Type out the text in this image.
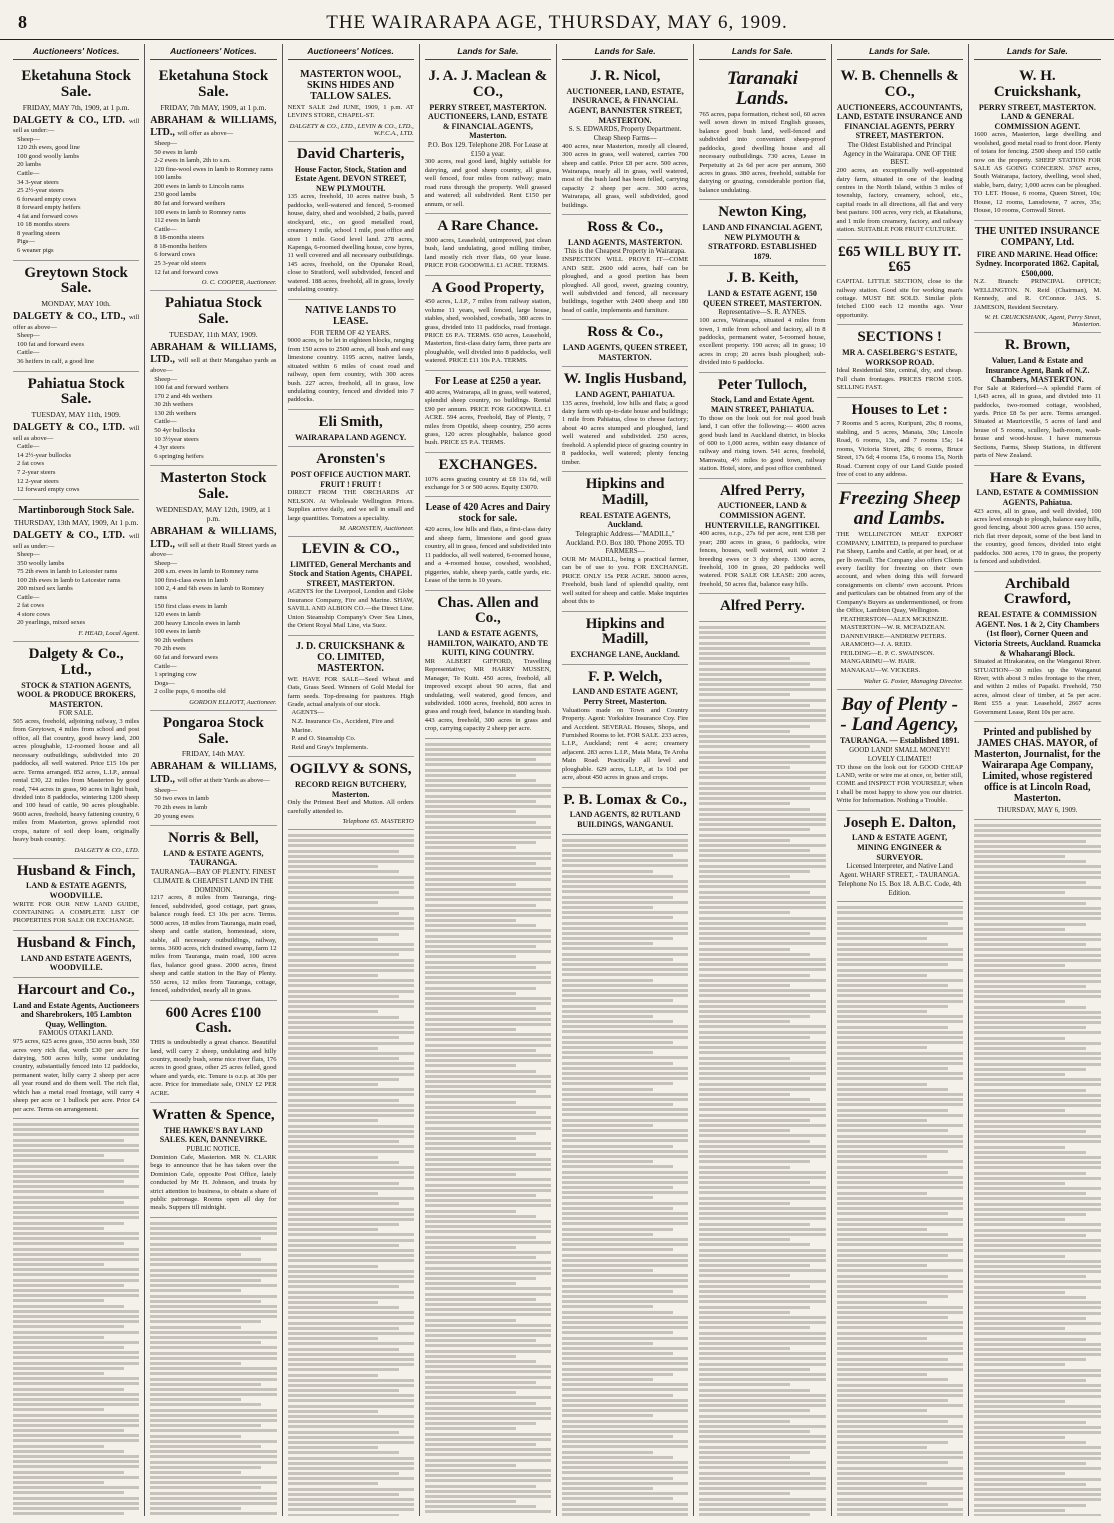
8	THE WAIRARAPA AGE, THURSDAY, MAY 6, 1909.
Auctioneers' Notices.
Eketahuna Stock Sale.
FRIDAY, MAY 7th, 1909, at 1 p.m.
DALGETY & CO., LTD. will sell as under:—
Sheep—
120 2th ewes, good line
100 good woolly lambs
20 lambs
Cattle—
34 3-year steers
25 2½-year steers
6 forward empty cows
8 forward empty heifers
4 fat and forward cows
10 18 months steers
8 yearling steers
Pigs—
6 weaner pigs
Greytown Stock Sale.
MONDAY, MAY 10th.
DALGETY & CO., LTD., will offer as above—
Sheep—
100 fat and forward ewes
Cattle—
36 heifers in calf, a good line
Pahiatua Stock Sale.
TUESDAY, MAY 11th, 1909.
DALGETY & CO., LTD. will sell as above—
Cattle—
14 2½-year bullocks
2 fat cows
7 2-year steers
12 2-year steers
12 forward empty cows
Martinborough Stock Sale.
THURSDAY, 13th MAY, 1909, At 1 p.m.
DALGETY & CO., LTD. will sell as under:—
Sheep—
350 woolly lambs
75 2th ewes in lamb to Leicester rams
100 2th ewes in lamb to Leicester rams
200 mixed sex lambs
Cattle—
2 fat cows
4 store cows
20 yearlings, mixed sexes
F. HEAD, Local Agent.
Dalgety & Co., Ltd.,
STOCK & STATION AGENTS, WOOL & PRODUCE BROKERS, MASTERTON.
FOR SALE.
505 acres, freehold, adjoining railway, 3 miles from Greytown, 4 miles from school and post office, all flat country, good heavy land, 200 acres ploughable, 12-roomed house and all necessary outbuildings, subdivided into 20 paddocks, all well watered. Price £15 10s per acre. Terms arranged. 852 acres, L.I.P., annual rental £30, 22 miles from Masterton by good road, 744 acres in grass, 90 acres in light bush, divided into 8 paddocks, wintering 1200 sheep and 100 head of cattle, 90 acres ploughable. 9600 acres, freehold, heavy fattening country, 6 miles from Masterton, grows splendid root crops, nature of soil deep loam, originally heavy bush country.
DALGETY & CO., LTD.
Husband & Finch,
LAND & ESTATE AGENTS, WOODVILLE.
WRITE FOR OUR NEW LAND GUIDE, CONTAINING A COMPLETE LIST OF PROPERTIES FOR SALE OR EXCHANGE.
Husband & Finch,
LAND AND ESTATE AGENTS, WOODVILLE.
Harcourt and Co.,
Land and Estate Agents, Auctioneers and Sharebrokers, 105 Lambton Quay, Wellington.
FAMOUS OTAKI LAND.
975 acres, 625 acres grass, 350 acres bush, 350 acres very rich flat, worth £30 per acre for dairying, 500 acres hilly, some undulating country, substantially fenced into 12 paddocks, permanent water, hilly carry 2 sheep per acre all year round and do them well. The rich flat, which has a metal road frontage, will carry 4 sheep per acre or 1 bullock per acre. Price £4 per acre. Terms on arrangement.
Auctioneers' Notices.
Eketahuna Stock Sale.
FRIDAY, 7th MAY, 1909, at 1 p.m.
ABRAHAM & WILLIAMS, LTD., will offer as above—
Sheep—
50 ewes in lamb
2-2 ewes in lamb, 2th to s.m.
120 fine-wool ewes in lamb to Romney rams
100 lambs
200 ewes in lamb to Lincoln rams
230 good lambs
80 fat and forward wethers
100 ewes in lamb to Romney rams
112 ewes in lamb
Cattle—
8 18-months steers
8 18-months heifers
6 forward cows
25 3-year old steers
12 fat and forward cows
O. C. COOPER, Auctioneer.
Pahiatua Stock Sale.
TUESDAY, 11th MAY, 1909.
ABRAHAM & WILLIAMS, LTD., will sell at their Mangahao yards as above—
Sheep—
100 fat and forward wethers
170 2 and 4th wethers
30 2th wethers
130 2th wethers
Cattle—
50 4yr bullocks
10 3½year steers
4 3yr steers
6 springing heifers
Masterton Stock Sale.
WEDNESDAY, MAY 12th, 1909, at 1 p.m.
ABRAHAM & WILLIAMS, LTD., will sell at their Ruall Street yards as above—
Sheep—
208 s.m. ewes in lamb to Romney rams
100 first-class ewes in lamb
100 2, 4 and 6th ewes in lamb to Romney rams
150 first class ewes in lamb
120 ewes in lamb
200 heavy Lincoln ewes in lamb
100 ewes in lamb
90 2th wethers
70 2th ewes
60 fat and forward ewes
Cattle—
1 springing cow
Dogs—
2 collie pups, 6 months old
GORDON ELLIOTT, Auctioneer.
Pongaroa Stock Sale.
FRIDAY, 14th MAY.
ABRAHAM & WILLIAMS, LTD., will offer at their Yards as above—
Sheep—
50 two ewes in lamb
70 2th ewes in lamb
20 young ewes
Norris & Bell,
LAND & ESTATE AGENTS, TAURANGA.
TAURANGA—BAY OF PLENTY. FINEST CLIMATE & CHEAPEST LAND IN THE DOMINION.
1217 acres, 8 miles from Tauranga, ring-fenced, subdivided, good cottage, part grass, balance rough feed. £3 10s per acre. Terms. 5000 acres, 18 miles from Tauranga, main road, sheep and cattle station, homestead, store, stable, all necessary outbuildings, railway, terms. 3600 acres, rich drained swamp, farm 12 miles from Tauranga, main road, 100 acres flax, balance good grass. 2000 acres, finest sheep and cattle station in the Bay of Plenty. 550 acres, 12 miles from Tauranga, cottage, fenced, subdivided, nearly all in grass.
600 Acres £100 Cash.
THIS is undoubtedly a great chance. Beautiful land, will carry 2 sheep, undulating and hilly country, mostly bush, some nice river flats, 176 acres in good grass, other 25 acres felled, good whare and yards, etc. Tenure is o.r.p. at 30s per acre. Price for immediate sale, ONLY £2 PER ACRE.
Wratten & Spence,
THE HAWKE'S BAY LAND SALES. KEN, DANNEVIRKE.
PUBLIC NOTICE.
Dominion Cafe, Masterton. MR N. CLARK begs to announce that he has taken over the Dominion Cafe, opposite Post Office, lately conducted by Mr H. Johnson, and trusts by strict attention to business, to obtain a share of public patronage. Rooms open all day for meals. Suppers till midnight.
Auctioneers' Notices.
MASTERTON WOOL, SKINS HIDES AND TALLOW SALES.
NEXT SALE 2nd JUNE, 1909, 1 p.m. AT LEVIN'S STORE, CHAPEL-ST.
DALGETY & CO., LTD., LEVIN & CO., LTD., W.F.C.A., LTD.
David Charteris,
House Factor, Stock, Station and Estate Agent. DEVON STREET, NEW PLYMOUTH.
135 acres, freehold, 10 acres native bush, 5 paddocks, well-watered and fenced, 5-roomed house, dairy, shed and woolshed, 2 bails, paved stockyard, etc., on good metalled road, creamery 1 mile, school 1 mile, post office and store 1 mile. Good level land. 278 acres, Kapenga, 6-roomed dwelling house, cow byres, 11 well covered and all necessary outbuildings. 145 acres, freehold, on the Opunake Road, close to Stratford, well subdivided, fenced and watered. 188 acres, freehold, all in grass, lovely undulating country.
NATIVE LANDS TO LEASE.
FOR TERM OF 42 YEARS.
9000 acres, to be let in eighteen blocks, ranging from 150 acres to 2500 acres, all bush and easy limestone country. 1195 acres, native lands, situated within 6 miles of coast road and railway, open fern country, with 300 acres bush. 227 acres, freehold, all in grass, low undulating country, fenced and divided into 7 paddocks.
Eli Smith,
WAIRARAPA LAND AGENCY.
Aronsten's
POST OFFICE AUCTION MART. FRUIT ! FRUIT !
DIRECT FROM THE ORCHARDS AT NELSON. At Wholesale Wellington Prices. Supplies arrive daily, and we sell in small and large quantities. Tomatoes a speciality.
M. ARONSTEN, Auctioneer.
LEVIN & CO.,
LIMITED, General Merchants and Stock and Station Agents, CHAPEL STREET, MASTERTON.
AGENTS for the Liverpool, London and Globe Insurance Company, Fire and Marine. SHAW, SAVILL AND ALBION CO.—the Direct Line. Union Steamship Company's Over Sea Lines, the Orient Royal Mail Line, via Suez.
J. D. CRUICKSHANK & CO. LIMITED, MASTERTON.
WE HAVE FOR SALE—Seed Wheat and Oats, Grass Seed. Winners of Gold Medal for farm seeds. Top-dressing for pastures. High Grade, actual analysis of our stock.
AGENTS—
N.Z. Insurance Co., Accident, Fire and Marine.
P. and O. Steamship Co.
Reid and Gray's Implements.
OGILVY & SONS,
RECORD REIGN BUTCHERY, Masterton.
Only the Primest Beef and Mutton. All orders carefully attended to.
Telephone 65. MASTERTO
Lands for Sale.
J. A. J. Maclean & CO.,
PERRY STREET, MASTERTON. AUCTIONEERS, LAND, ESTATE & FINANCIAL AGENTS, Masterton.
P.O. Box 129. Telephone 208. For Lease at £150 a year.
300 acres, real good land, highly suitable for dairying, and good sheep country, all grass, well fenced, four miles from railway; main road runs through the property. Well grassed and watered; all subdivided. Rent £150 per annum, or sell.
A Rare Chance.
3000 acres, Leasehold, unimproved, just clean bush, land undulating, good milling timber, land mostly rich river flats, 60 year lease. PRICE FOR GOODWILL £1 ACRE. TERMS.
A Good Property,
450 acres, L.I.P., 7 miles from railway station, volume 11 years, well fenced, large house, stables, shed, woolshed, cowbails, 380 acres in grass, divided into 11 paddocks, road frontage. PRICE £6 P.A. TERMS. 650 acres, Leasehold, Masterton, first-class dairy farm, three parts are ploughable, well divided into 8 paddocks, well watered. PRICE £11 10s P.A. TERMS.
For Lease at £250 a year.
400 acres, Wairarapa, all in grass, well watered, splendid sheep country, no buildings. Rental £90 per annum. PRICE FOR GOODWILL £1 ACRE. 594 acres, Freehold, Bay of Plenty, 7 miles from Opotiki, sheep country, 250 acres grass, 120 acres ploughable, balance good bush. PRICE £5 P.A. TERMS.
EXCHANGES.
1076 acres grazing country at £8 11s 6d, will exchange for 3 or 500 acres. Equity £3070.
Lease of 420 Acres and Dairy stock for sale.
420 acres, low hills and flats, a first-class dairy and sheep farm, limestone and good grass country, all in grass, fenced and subdivided into 11 paddocks, all well watered, 6-roomed house, and a 4-roomed house, cowshed, woolshed, piggeries, stable, sheep yards, cattle yards, etc. Lease of the term is 10 years.
Chas. Allen and Co.,
LAND & ESTATE AGENTS, HAMILTON, WAIKATO, AND TE KUITI, KING COUNTRY.
MR ALBERT GIFFORD, Travelling Representative; MR HARRY MUSSEN, Manager, Te Kuiti. 450 acres, freehold, all improved except about 90 acres, flat and undulating, well watered, good fences, and subdivided. 1000 acres, freehold, 800 acres in grass and rough feed, balance in standing bush. 443 acres, freehold, 300 acres in grass and crop, carrying capacity 2 sheep per acre.
Lands for Sale.
J. R. Nicol,
AUCTIONEER, LAND, ESTATE, INSURANCE, & FINANCIAL AGENT, BANNISTER STREET, MASTERTON.
S. S. EDWARDS, Property Department. Cheap Sheep Farms—
400 acres, near Masterton, mostly all cleared, 300 acres in grass, well watered, carries 700 sheep and cattle. Price £8 per acre. 500 acres, Wairarapa, nearly all in grass, well watered, most of the bush land has been felled, carrying capacity 2 sheep per acre. 300 acres, Wairarapa, all grass, well subdivided, good buildings.
Ross & Co.,
LAND AGENTS, MASTERTON.
This is the Cheapest Property in Wairarapa.
INSPECTION WILL PROVE IT—COME AND SEE. 2600 odd acres, half can be ploughed, and a good portion has been ploughed. All good, sweet, grazing country, well subdivided and fenced, all necessary buildings, together with 2400 sheep and 180 head of cattle, implements and furniture.
Ross & Co.,
LAND AGENTS, QUEEN STREET, MASTERTON.
W. Inglis Husband,
LAND AGENT, PAHIATUA.
135 acres, freehold, low hills and flats; a good dairy farm with up-to-date house and buildings; 1 mile from Pahiatua, close to cheese factory; about 40 acres stumped and ploughed, land well watered and subdivided. 250 acres, freehold. A splendid piece of grazing country in 8 paddocks, well watered; plenty fencing timber.
Hipkins and Madill,
REAL ESTATE AGENTS, Auckland.
Telegraphic Address—"MADILL," Auckland. P.O. Box 180. 'Phone 2095. TO FARMERS—
OUR Mr MADILL, being a practical farmer, can be of use to you. FOR EXCHANGE. PRICE ONLY 15s PER ACRE. 38000 acres, Freehold, bush land of splendid quality, rent well suited for sheep and cattle. Make inquiries about this to
Hipkins and Madill,
EXCHANGE LANE, Auckland.
F. P. Welch,
LAND AND ESTATE AGENT, Perry Street, Masterton.
Valuations made on Town and Country Property. Agent: Yorkshire Insurance Coy. Fire and Accident. SEVERAL Houses, Shops, and Furnished Rooms to let. FOR SALE. 233 acres, L.I.P., Auckland; rent 4 acre; creamery adjacent. 283 acres L.I.P., Mata Mata, Te Aroha Main Road. Practically all level and ploughable. 629 acres, L.I.P., at 1s 10d per acre, about 450 acres in grass and crops.
P. B. Lomax & Co.,
LAND AGENTS, 82 RUTLAND BUILDINGS, WANGANUI.
Lands for Sale.
Taranaki Lands.
765 acres, papa formation, richest soil, 60 acres well sown down in mixed English grasses, balance good bush land, well-fenced and subdivided into convenient sheep-proof paddocks, good dwelling house and all necessary outbuildings. 730 acres, Lease in Perpetuity at 2s 6d per acre per annum, 360 acres in grass. 380 acres, freehold, suitable for dairying or grazing, considerable portion flat, balance undulating.
Newton King,
LAND AND FINANCIAL AGENT, NEW PLYMOUTH & STRATFORD. ESTABLISHED 1879.
J. B. Keith,
LAND & ESTATE AGENT, 150 QUEEN STREET, MASTERTON.
Representative—S. R. AYNES.
100 acres, Wairarapa, situated 4 miles from town, 1 mile from school and factory, all in 8 paddocks, permanent water, 5-roomed house, excellent property. 190 acres; all in grass; 10 acres in crop; 20 acres bush ploughed; sub-divided into 6 paddocks.
Peter Tulloch,
Stock, Land and Estate Agent. MAIN STREET, PAHIATUA.
To those on the look out for real good bush land, I can offer the following:— 4600 acres good bush land in Auckland district, in blocks of 600 to 1,000 acres, within easy distance of railway and rising town. 541 acres, freehold, Mamwatu, 4½ miles to good town, railway station. Hotel, store, and post office combined.
Alfred Perry,
AUCTIONEER, LAND & COMMISSION AGENT. HUNTERVILLE, RANGITIKEI.
400 acres, o.r.p., 27s 6d per acre, rent £38 per year; 280 acres in grass, 6 paddocks, wire fences, houses, well watered, suit winter 2 breeding ewes or 3 dry sheep. 1300 acres, freehold, 100 in grass, 20 paddocks well watered. FOR SALE OR LEASE: 200 acres, freehold, 50 acres flat, balance easy hills.
Alfred Perry.
Lands for Sale.
W. B. Chennells & CO.,
AUCTIONEERS, ACCOUNTANTS, LAND, ESTATE INSURANCE AND FINANCIAL AGENTS, PERRY STREET, MASTERTON.
The Oldest Established and Principal Agency in the Wairarapa. ONE OF THE BEST.
200 acres, an exceptionally well-appointed dairy farm, situated in one of the leading centres in the North Island, within 3 miles of township, factory, creamery, school, etc., capital roads in all directions, all flat and very best pasture. 100 acres, very rich, at Ekatahuna, and 1 mile from creamery, factory, and railway station. SUITABLE FOR FRUIT CULTURE.
£65 WILL BUY IT. £65
CAPITAL LITTLE SECTION, close to the railway station. Good site for working man's cottage. MUST BE SOLD. Similar plots fetched £100 each 12 months ago. Your opportunity.
SECTIONS !
MR A. CASELBERG'S ESTATE, WORKSOP ROAD.
Ideal Residential Site, central, dry, and cheap. Full chain frontages. PRICES FROM £105. SELLING FAST.
Houses to Let :
7 Rooms and 5 acres, Kuripuni, 20s; 8 rooms, stabling, and 5 acres, Manaia, 30s; Lincoln Road, 6 rooms, 13s, and 7 rooms 15s; 14 rooms, Victoria Street, 28s; 6 rooms, Bruce Street, 17s 6d; 4 rooms 15s, 6 rooms 15s, North Road. Current copy of our Land Guide posted free of cost to any address.
Freezing Sheep and Lambs.
THE WELLINGTON MEAT EXPORT COMPANY, LIMITED, is prepared to purchase Fat Sheep, Lambs and Cattle, at per head, or at per lb overall. The Company also offers Clients every facility for freezing on their own account, and when doing this will forward consignments on clients' own account. Prices and particulars can be obtained from any of the Company's Buyers as undermentioned, or from the Office, Lambton Quay, Wellington.
FEATHERSTON—ALEX MCKENZIE.
MASTERTON—W. R. MCFADZEAN.
DANNEVIRKE—ANDREW PETERS.
ARAMOHO—J. A. REID.
FEILDING—E. P. C. SWAINSON.
MANGARIMU—W. HAIR.
MANAKAU—W. VICKERS.
Walter G. Foster, Managing Director.
Bay of Plenty - - Land Agency,
TAURANGA. — Established 1891.
GOOD LAND! SMALL MONEY!! LOVELY CLIMATE!!
TO those on the look out for GOOD CHEAP LAND, write or wire me at once, or, better still, COME and INSPECT FOR YOURSELF, when I shall be most happy to show you our district. Write for Information. Nothing a Trouble.
Joseph E. Dalton,
LAND & ESTATE AGENT, MINING ENGINEER & SURVEYOR.
Licensed Interpreter, and Native Land Agent. WHARF STREET, - TAURANGA. Telephone No 15. Box 18. A.B.C. Code, 4th Edition.
Lands for Sale.
W. H. Cruickshank,
PERRY STREET, MASTERTON. LAND & GENERAL COMMISSION AGENT.
1600 acres, Masterton, large dwelling and woolshed, good metal road to front door. Plenty of totara for fencing. 2500 sheep and 150 cattle now on the property. SHEEP STATION FOR SALE AS GOING CONCERN. 3767 acres, South Wairarapa, factory, dwelling, wool shed, stable, barn, dairy; 1,000 acres can be ploughed. TO LET. House, 6 rooms, Queen Street, 10s; House, 12 rooms, Lansdowne, 7 acres, 35s; House, 10 rooms, Cornwall Street.
THE UNITED INSURANCE COMPANY, Ltd.
FIRE AND MARINE. Head Office: Sydney. Incorporated 1862. Capital, £500,000.
N.Z. Branch: PRINCIPAL OFFICE; WELLINGTON. N. Reid (Chairman), M. Kennedy, and R. O'Connor. JAS. S. JAMESON, Resident Secretary.
W. H. CRUICKSHANK, Agent, Perry Street, Masterton.
R. Brown,
Valuer, Land & Estate and Insurance Agent, Bank of N.Z. Chambers, MASTERTON.
For Sale at Riderford—A splendid Farm of 1,643 acres, all in grass, and divided into 11 paddocks, two-roomed cottage, woolshed, yards. Price £8 5s per acre. Terms arranged. Situated at Mauriceville, 5 acres of land and house of 5 rooms, scullery, bath-room, wash-house and wood-house. I have numerous Sections, Farms, Sheep Stations, in different parts of New Zealand.
Hare & Evans,
LAND, ESTATE & COMMISSION AGENTS, Pahiatua.
423 acres, all in grass, and well divided, 100 acres level enough to plough, balance easy hills, good fencing, about 300 acres grass. 150 acres, rich flat river deposit, some of the best land in the country, good fences, divided into eight paddocks. 300 acres, 170 in grass, the property is fenced and subdivided.
Archibald Crawford,
REAL ESTATE & COMMISSION AGENT. Nos. 1 & 2, City Chambers (1st floor), Corner Queen and Victoria Streets, Auckland. Ruamcka & Whaharangi Block.
Situated at Hirakaratea, on the Wanganui River. SITUATION—30 miles up the Wanganui River, with about 3 miles frontage to the river, and within 2 miles of Papaiki. Freehold, 750 acres, almost clear of timber, at 5s per acre. Rent £55 a year. Leasehold, 2667 acres Government Lease, Rent 10s per acre.
Printed and published by JAMES CHAS. MAYOR, of Masterton, Journalist, for the Wairarapa Age Company, Limited, whose registered office is at Lincoln Road, Masterton.
THURSDAY, MAY 6, 1909.
